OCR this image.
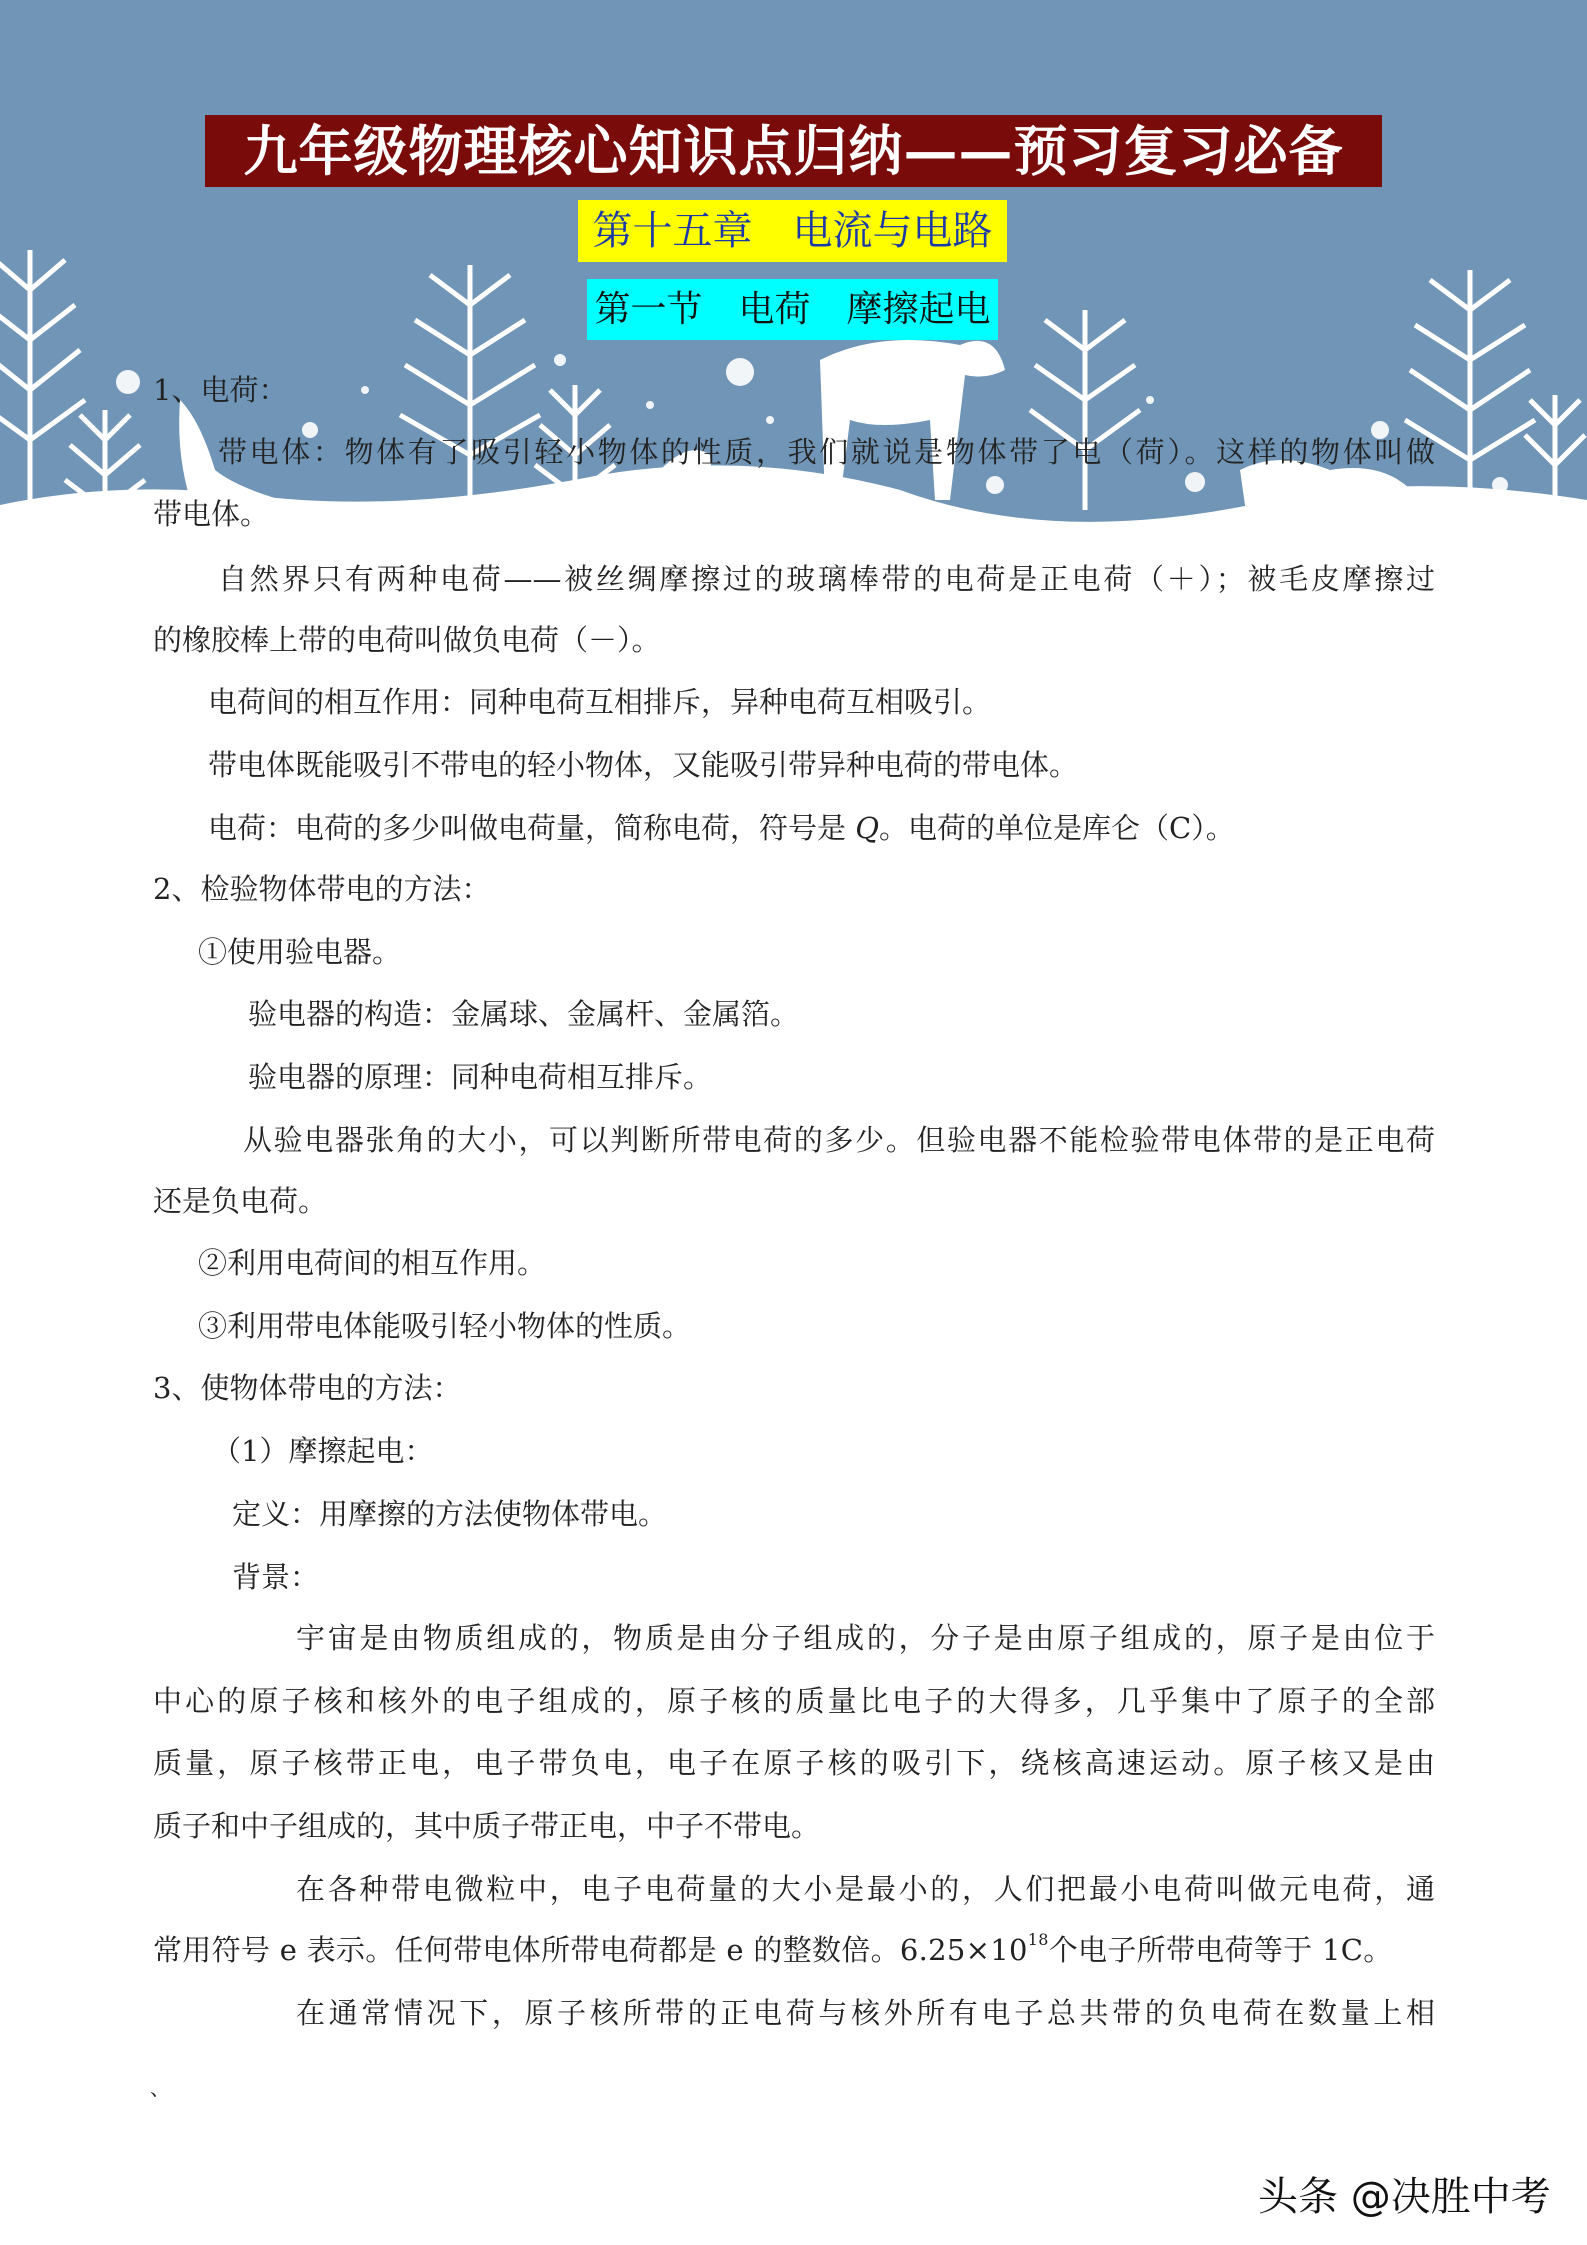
九年级物理核心知识点归纳——预习复习必备
第十五章　电流与电路
第一节　电荷　摩擦起电
1、电荷：
带电体：物体有了吸引轻小物体的性质，我们就说是物体带了电（荷）。这样的物体叫做
带电体。
自然界只有两种电荷——被丝绸摩擦过的玻璃棒带的电荷是正电荷（＋）；被毛皮摩擦过
的橡胶棒上带的电荷叫做负电荷（－）。
电荷间的相互作用：同种电荷互相排斥，异种电荷互相吸引。
带电体既能吸引不带电的轻小物体，又能吸引带异种电荷的带电体。
电荷：电荷的多少叫做电荷量，简称电荷，符号是 Q。电荷的单位是库仑（C）。
2、检验物体带电的方法：
①使用验电器。
验电器的构造：金属球、金属杆、金属箔。
验电器的原理：同种电荷相互排斥。
从验电器张角的大小，可以判断所带电荷的多少。但验电器不能检验带电体带的是正电荷
还是负电荷。
②利用电荷间的相互作用。
③利用带电体能吸引轻小物体的性质。
3、使物体带电的方法：
（1）摩擦起电：
定义：用摩擦的方法使物体带电。
背景：
宇宙是由物质组成的，物质是由分子组成的，分子是由原子组成的，原子是由位于
中心的原子核和核外的电子组成的，原子核的质量比电子的大得多，几乎集中了原子的全部
质量，原子核带正电，电子带负电，电子在原子核的吸引下，绕核高速运动。原子核又是由
质子和中子组成的，其中质子带正电，中子不带电。
在各种带电微粒中，电子电荷量的大小是最小的，人们把最小电荷叫做元电荷，通
常用符号 e 表示。任何带电体所带电荷都是 e 的整数倍。$6.25\times 10^{18}$个电子所带电荷等于 1C。
在通常情况下，原子核所带的正电荷与核外所有电子总共带的负电荷在数量上相
、
头条 @决胜中考
